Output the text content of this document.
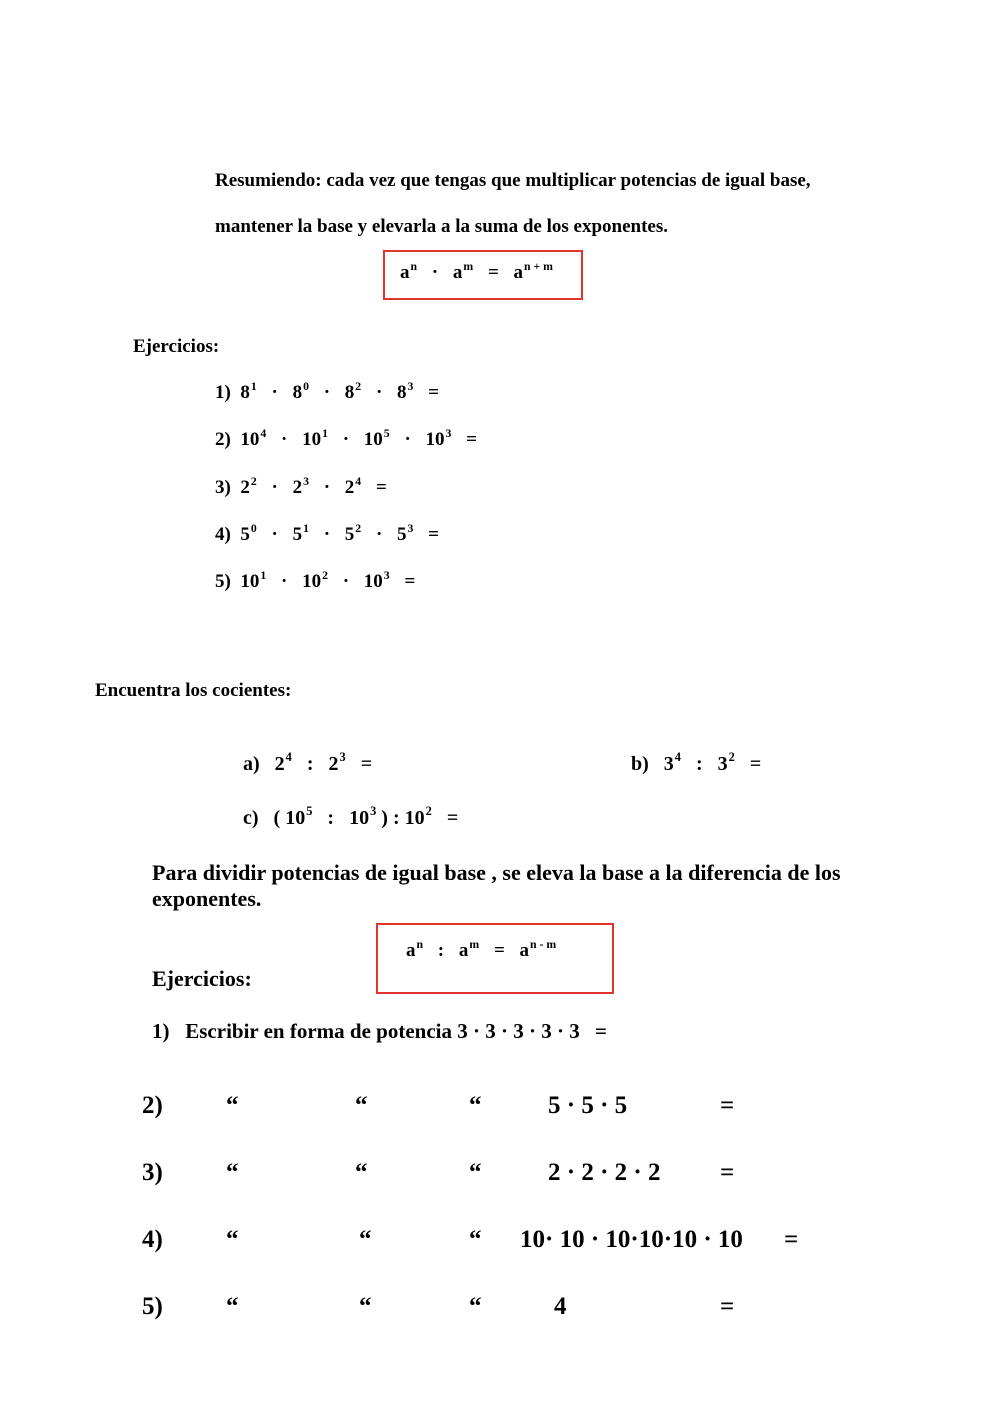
Resumiendo: cada vez que tengas que multiplicar potencias de igual base,
mantener la base y elevarla a la suma de los exponentes.
$a^n \cdot a^m = a^{n + m}$
Ejercicios:
1) $8^1 \cdot 8^0 \cdot 8^2 \cdot 8^3$ =
2) $10^4 \cdot 10^1 \cdot 10^5 \cdot 10^3$ =
3) $2^2 \cdot 2^3 \cdot 2^4$ =
4) $5^0 \cdot 5^1 \cdot 5^2 \cdot 5^3$ =
5) $10^1 \cdot 10^2 \cdot 10^3$ =
Encuentra los cocientes:
a) $2^4$ : $2^3$ =	b) $3^4$ : $3^2$ =
c) ( $10^5$ : $10^3$ ) : $10^2$ =
Para dividir potencias de igual base , se eleva la base a la diferencia de los
exponentes.
$a^n$ : $a^m = a^{n - m}$
Ejercicios:
1) Escribir en forma de potencia 3 · 3 · 3 · 3 · 3 =
2)	“	“	“	5 · 5 · 5	=
3)	“	“	“	2 · 2 · 2 · 2 =
4)	“	“	“ 10· 10 · 10·10·10 · 10 =
5)	“	“	“	4	=
